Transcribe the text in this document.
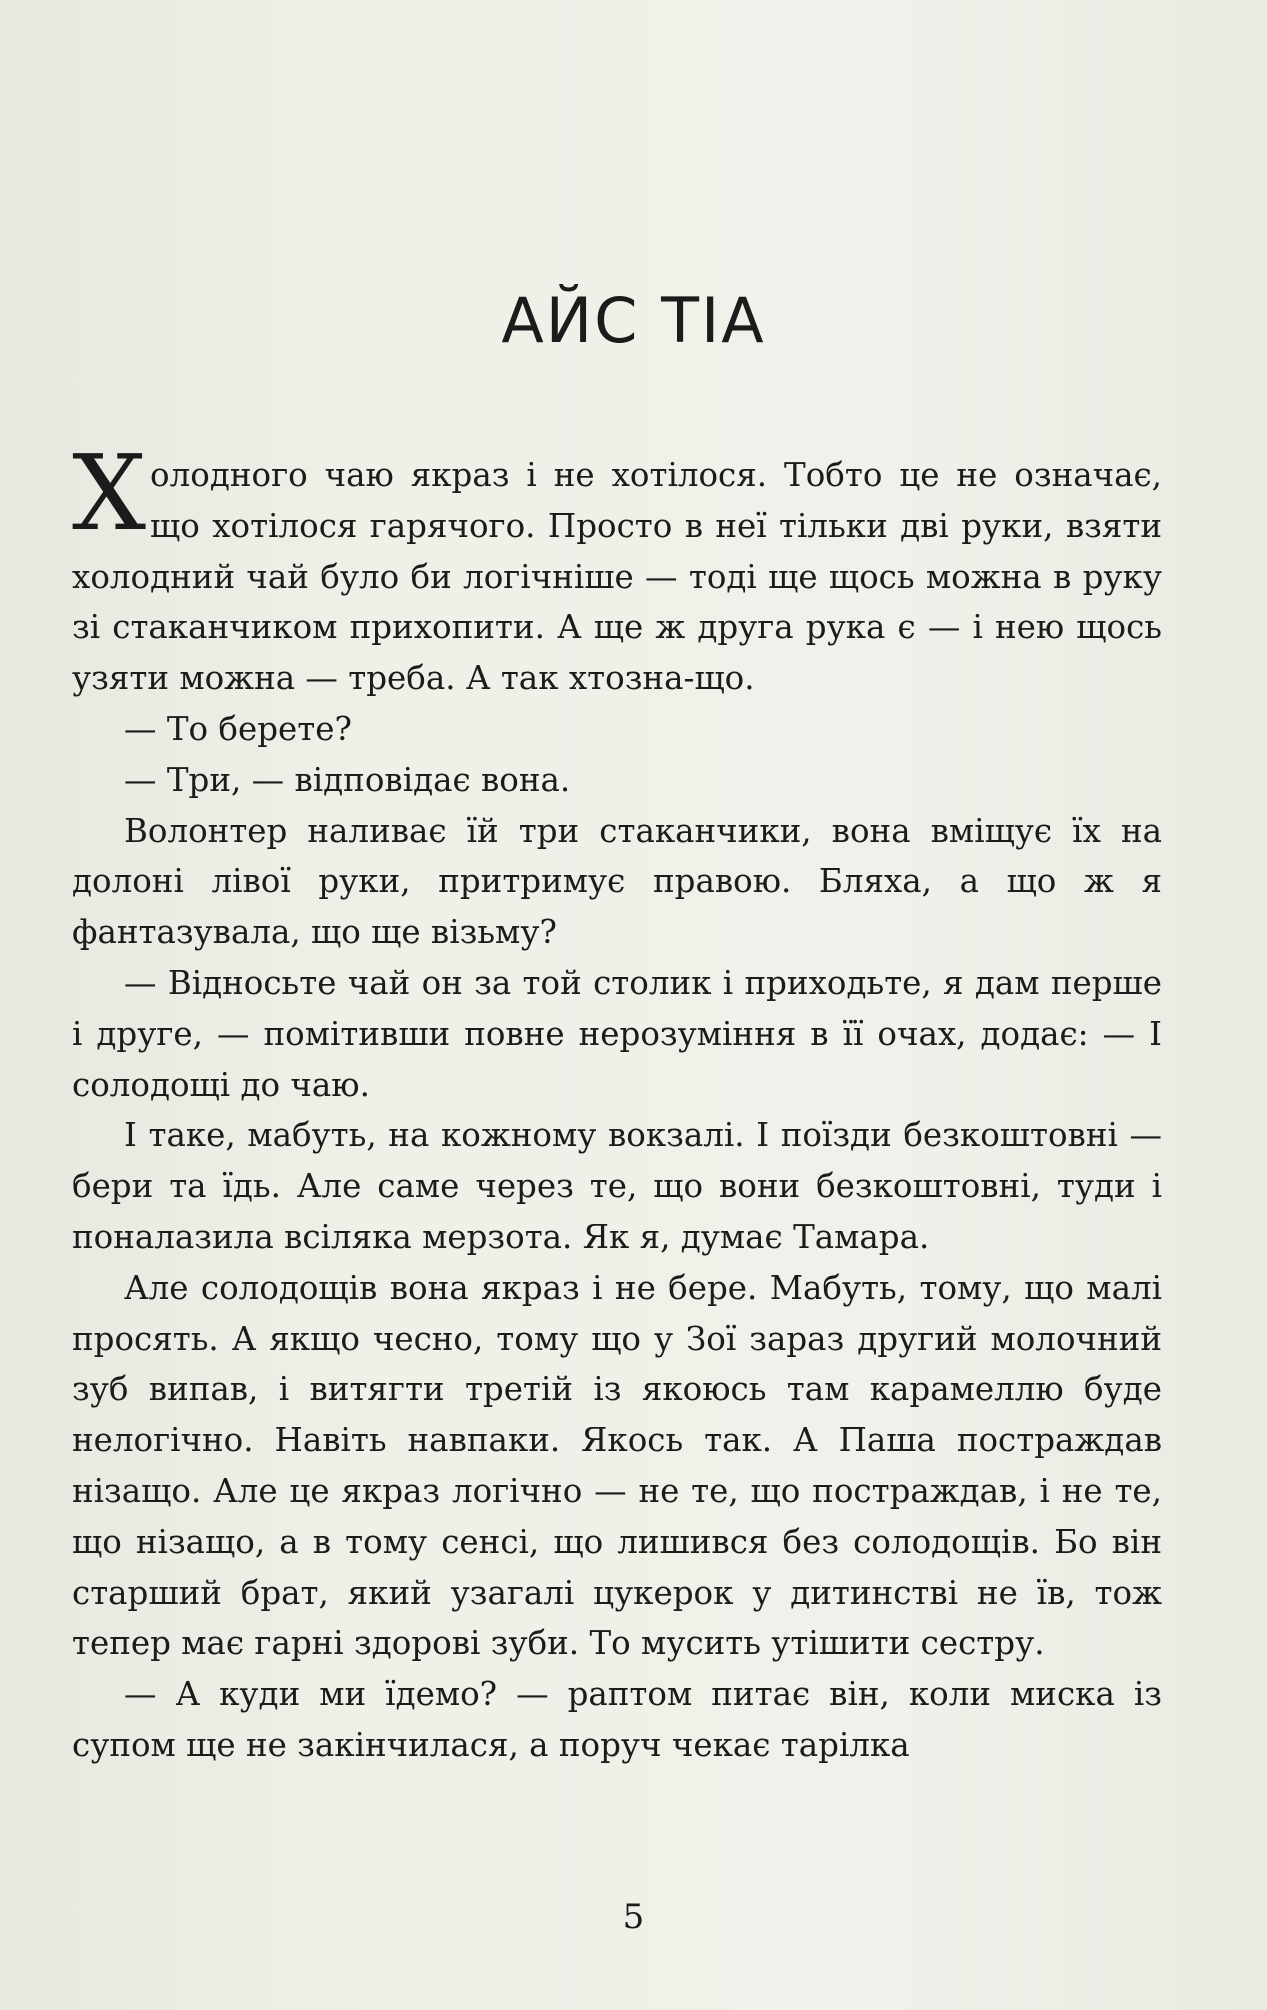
АЙС ТІА

Холодного чаю якраз і не хотілося. Тобто це не означає, що хотілося гарячого. Просто в неї тільки дві руки, взяти холодний чай було би логічніше — тоді ще щось можна в руку зі стаканчиком прихопити. А ще ж друга рука є — і нею щось узяти можна — треба. А так хтозна-що.

— То берете?

— Три, — відповідає вона.

Волонтер наливає їй три стаканчики, вона вміщує їх на долоні лівої руки, притримує правою. Бляха, а що ж я фантазувала, що ще візьму?

— Відносьте чай он за той столик і приходьте, я дам перше і друге, — помітивши повне нерозуміння в її очах, додає: — І солодощі до чаю.

І таке, мабуть, на кожному вокзалі. І поїзди безкоштовні — бери та їдь. Але саме через те, що вони безкоштовні, туди і поналазила всіляка мерзота. Як я, думає Тамара.

Але солодощів вона якраз і не бере. Мабуть, тому, що малі просять. А якщо чесно, тому що у Зої зараз другий молочний зуб випав, і витягти третій із якоюсь там карамеллю буде нелогічно. Навіть навпаки. Якось так. А Паша постраждав нізащо. Але це якраз логічно — не те, що постраждав, і не те, що нізащо, а в тому сенсі, що лишився без солодощів. Бо він старший брат, який узагалі цукерок у дитинстві не їв, тож тепер має гарні здорові зуби. То мусить утішити сестру.

— А куди ми їдемо? — раптом питає він, коли миска із супом ще не закінчилася, а поруч чекає тарілка

5
